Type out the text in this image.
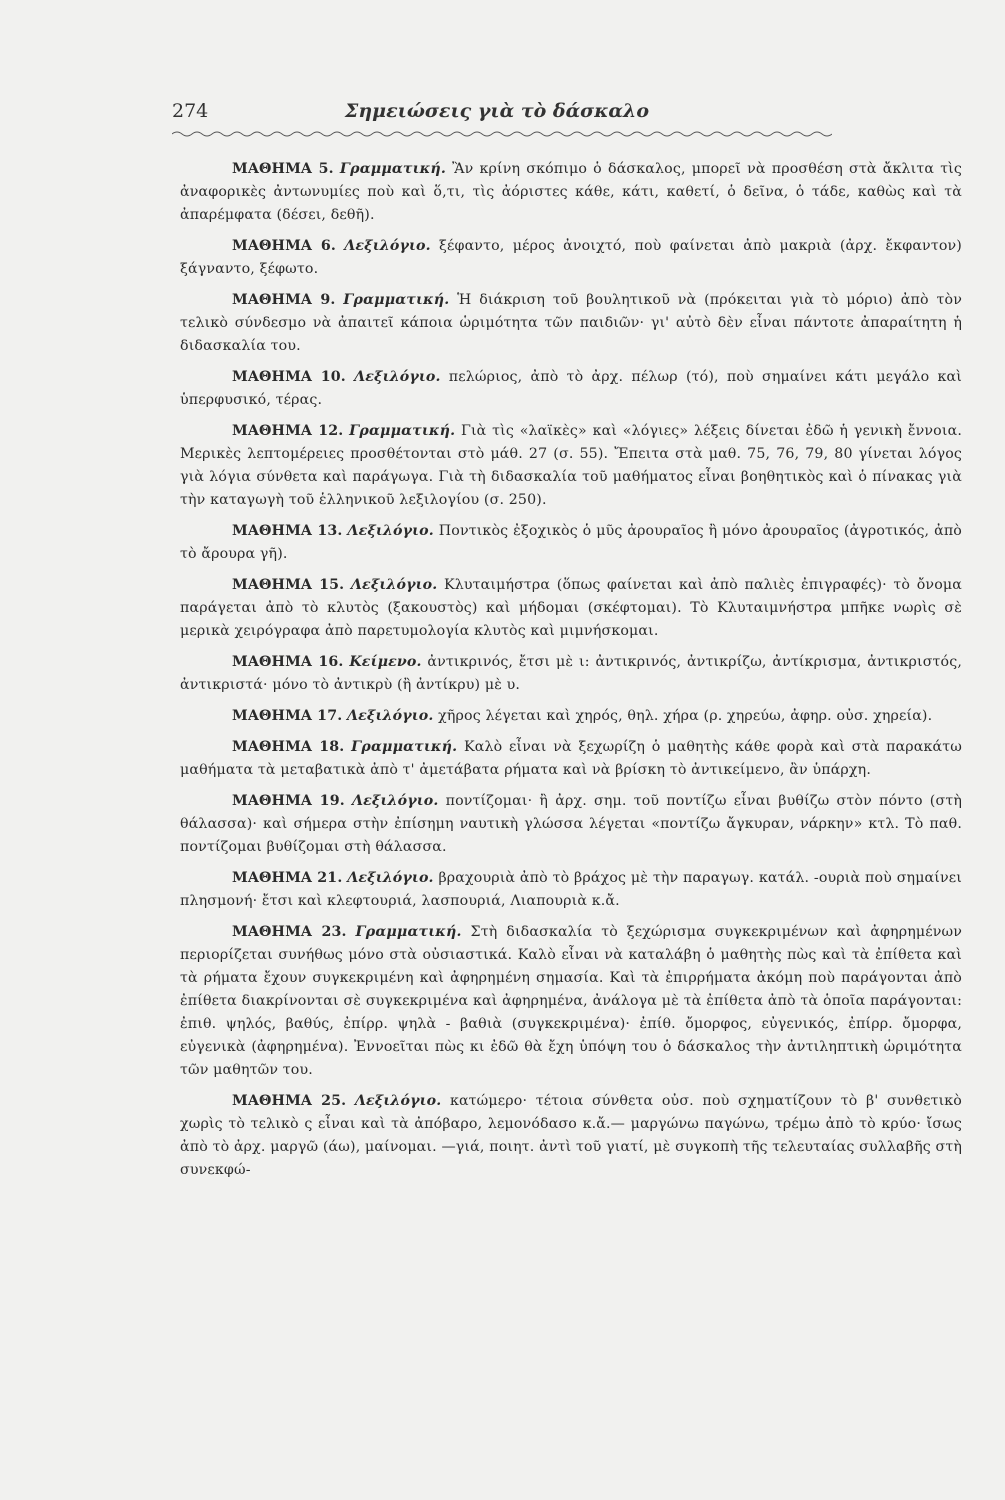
274	Σημειώσεις γιὰ τὸ δάσκαλο

ΜΑΘΗΜΑ 5. Γραμματική. Ἂν κρίνη σκόπιμο ὁ δάσκαλος, μπορεῖ νὰ προσθέση στὰ ἄκλιτα τὶς ἀναφορικὲς ἀντωνυμίες ποὺ καὶ ὅ,τι, τὶς ἀόριστες κάθε, κάτι, καθετί, ὁ δεῖνα, ὁ τάδε, καθὼς καὶ τὰ ἀπαρέμφατα (δέσει, δεθῆ).

ΜΑΘΗΜΑ 6. Λεξιλόγιο. ξέφαντο, μέρος ἀνοιχτό, ποὺ φαίνεται ἀπὸ μακριὰ (ἀρχ. ἔκφαντον) ξάγναντο, ξέφωτο.

ΜΑΘΗΜΑ 9. Γραμματική. Ἡ διάκριση τοῦ βουλητικοῦ νὰ (πρόκειται γιὰ τὸ μόριο) ἀπὸ τὸν τελικὸ σύνδεσμο νὰ ἀπαιτεῖ κάποια ὡριμότητα τῶν παιδιῶν· γι' αὐτὸ δὲν εἶναι πάντοτε ἀπαραίτητη ἡ διδασκαλία του.

ΜΑΘΗΜΑ 10. Λεξιλόγιο. πελώριος, ἀπὸ τὸ ἀρχ. πέλωρ (τό), ποὺ σημαίνει κάτι μεγάλο καὶ ὑπερφυσικό, τέρας.

ΜΑΘΗΜΑ 12. Γραμματική. Γιὰ τὶς «λαϊκὲς» καὶ «λόγιες» λέξεις δίνεται ἐδῶ ἡ γενικὴ ἔννοια. Μερικὲς λεπτομέρειες προσθέτονται στὸ μάθ. 27 (σ. 55). Ἔπειτα στὰ μαθ. 75, 76, 79, 80 γίνεται λόγος γιὰ λόγια σύνθετα καὶ παράγωγα. Γιὰ τὴ διδασκαλία τοῦ μαθήματος εἶναι βοηθητικὸς καὶ ὁ πίνακας γιὰ τὴν καταγωγὴ τοῦ ἑλληνικοῦ λεξιλογίου (σ. 250).

ΜΑΘΗΜΑ 13. Λεξιλόγιο. Ποντικὸς ἐξοχικὸς ὁ μῦς ἀρουραῖος ἢ μόνο ἀρουραῖος (ἀγροτικός, ἀπὸ τὸ ἄρουρα γῆ).

ΜΑΘΗΜΑ 15. Λεξιλόγιο. Κλυταιμήστρα (ὅπως φαίνεται καὶ ἀπὸ παλιὲς ἐπιγραφές)· τὸ ὄνομα παράγεται ἀπὸ τὸ κλυτὸς (ξακουστὸς) καὶ μήδομαι (σκέφτομαι). Τὸ Κλυταιμνήστρα μπῆκε νωρὶς σὲ μερικὰ χειρόγραφα ἀπὸ παρετυμολογία κλυτὸς καὶ μιμνήσκομαι.

ΜΑΘΗΜΑ 16. Κείμενο. ἀντικρινός, ἔτσι μὲ ι: ἀντικρινός, ἀντικρίζω, ἀντίκρισμα, ἀντικριστός, ἀντικριστά· μόνο τὸ ἀντικρὺ (ἢ ἀντίκρυ) μὲ υ.

ΜΑΘΗΜΑ 17. Λεξιλόγιο. χῆρος λέγεται καὶ χηρός, θηλ. χήρα (ρ. χηρεύω, ἀφηρ. οὐσ. χηρεία).

ΜΑΘΗΜΑ 18. Γραμματική. Καλὸ εἶναι νὰ ξεχωρίζη ὁ μαθητὴς κάθε φορὰ καὶ στὰ παρακάτω μαθήματα τὰ μεταβατικὰ ἀπὸ τ' ἀμετάβατα ρήματα καὶ νὰ βρίσκη τὸ ἀντικείμενο, ἂν ὑπάρχη.

ΜΑΘΗΜΑ 19. Λεξιλόγιο. ποντίζομαι· ἢ ἀρχ. σημ. τοῦ ποντίζω εἶναι βυθίζω στὸν πόντο (στὴ θάλασσα)· καὶ σήμερα στὴν ἐπίσημη ναυτικὴ γλώσσα λέγεται «ποντίζω ἄγκυραν, νάρκην» κτλ. Τὸ παθ. ποντίζομαι βυθίζομαι στὴ θάλασσα.

ΜΑΘΗΜΑ 21. Λεξιλόγιο. βραχουριὰ ἀπὸ τὸ βράχος μὲ τὴν παραγωγ. κατάλ. -ουριὰ ποὺ σημαίνει πλησμονή· ἔτσι καὶ κλεφτουριά, λασπουριά, Λιαπουριὰ κ.ἄ.

ΜΑΘΗΜΑ 23. Γραμματική. Στὴ διδασκαλία τὸ ξεχώρισμα συγκεκριμένων καὶ ἀφηρημένων περιορίζεται συνήθως μόνο στὰ οὐσιαστικά. Καλὸ εἶναι νὰ καταλάβη ὁ μαθητὴς πὼς καὶ τὰ ἐπίθετα καὶ τὰ ρήματα ἔχουν συγκεκριμένη καὶ ἀφηρημένη σημασία. Καὶ τὰ ἐπιρρήματα ἀκόμη ποὺ παράγονται ἀπὸ ἐπίθετα διακρίνονται σὲ συγκεκριμένα καὶ ἀφηρημένα, ἀνάλογα μὲ τὰ ἐπίθετα ἀπὸ τὰ ὁποῖα παράγονται: ἐπιθ. ψηλός, βαθύς, ἐπίρρ. ψηλὰ - βαθιὰ (συγκεκριμένα)· ἐπίθ. ὄμορφος, εὐγενικός, ἐπίρρ. ὄμορφα, εὐγενικὰ (ἀφηρημένα). Ἐννοεῖται πὼς κι ἐδῶ θὰ ἔχη ὑπόψη του ὁ δάσκαλος τὴν ἀντιληπτικὴ ὡριμότητα τῶν μαθητῶν του.

ΜΑΘΗΜΑ 25. Λεξιλόγιο. κατώμερο· τέτοια σύνθετα οὐσ. ποὺ σχηματίζουν τὸ β' συνθετικὸ χωρὶς τὸ τελικὸ ς εἶναι καὶ τὰ ἀπόβαρο, λεμονόδασο κ.ἄ.— μαργώνω παγώνω, τρέμω ἀπὸ τὸ κρύο· ἴσως ἀπὸ τὸ ἀρχ. μαργῶ (άω), μαίνομαι. —γιά, ποιητ. ἀντὶ τοῦ γιατί, μὲ συγκοπὴ τῆς τελευταίας συλλαβῆς στὴ συνεκφώ-
